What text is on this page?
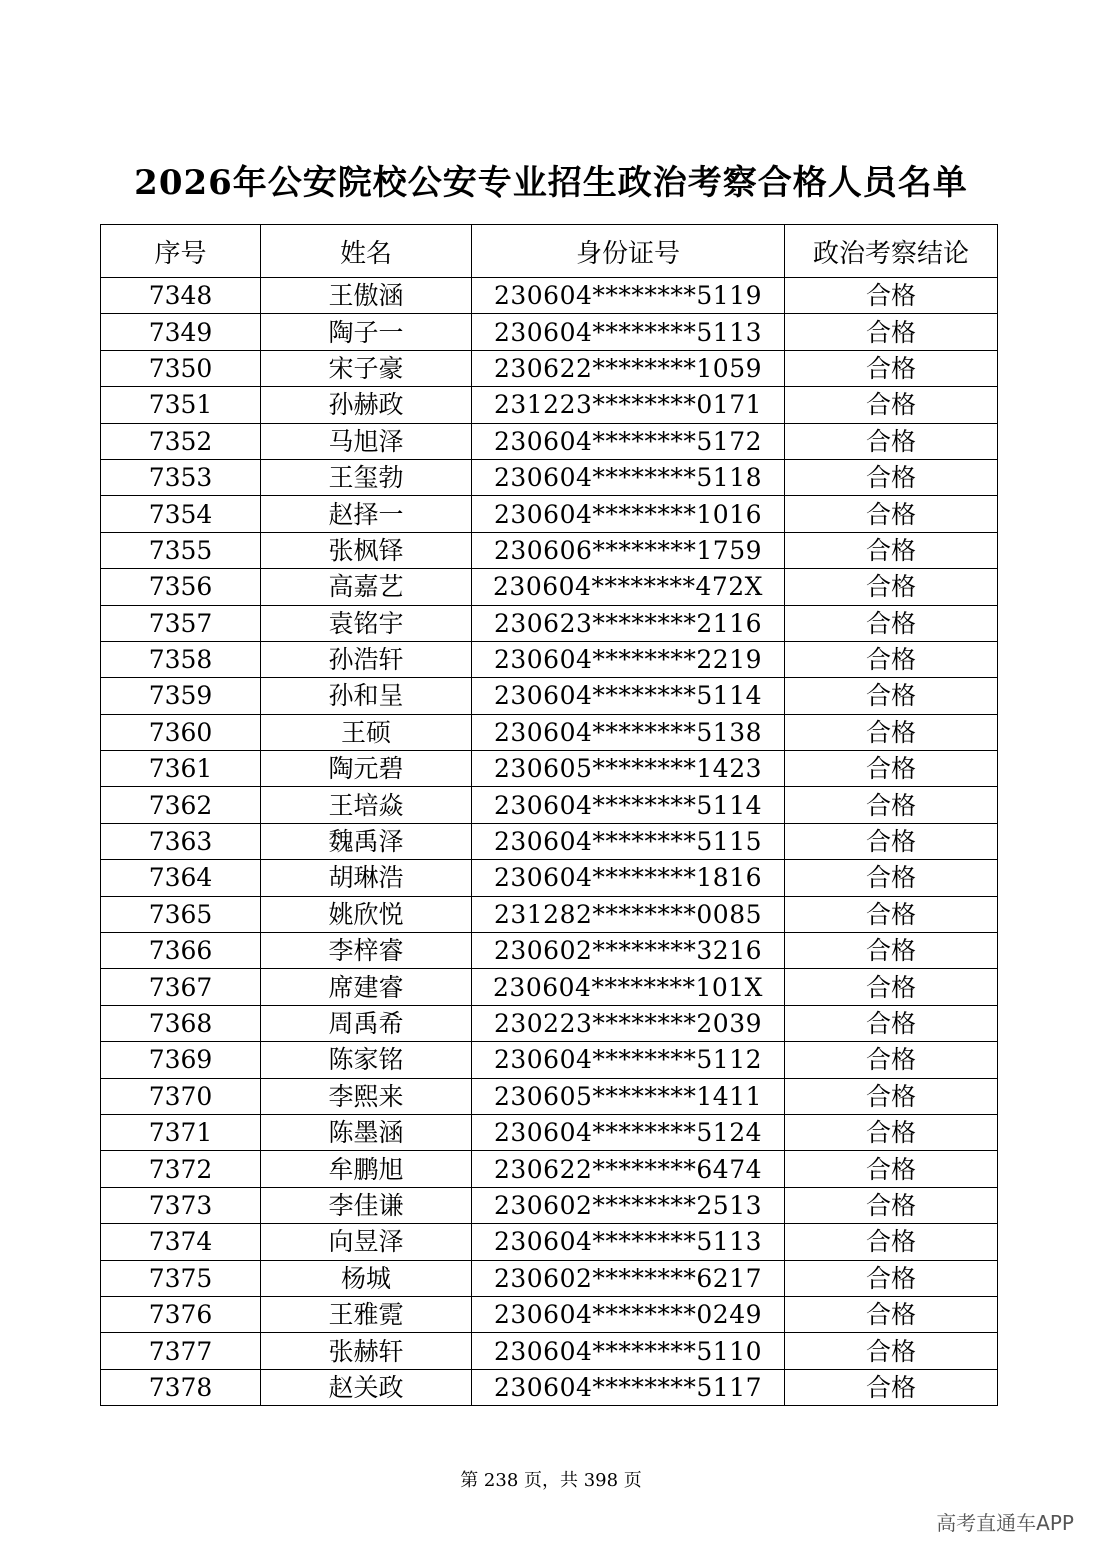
2026年公安院校公安专业招生政治考察合格人员名单
序号	姓名	身份证号	政治考察结论
7348	王傲涵	230604********5119	合格
7349	陶子一	230604********5113	合格
7350	宋子豪	230622********1059	合格
7351	孙赫政	231223********0171	合格
7352	马旭泽	230604********5172	合格
7353	王玺勃	230604********5118	合格
7354	赵择一	230604********1016	合格
7355	张枫铎	230606********1759	合格
7356	高嘉艺	230604********472X	合格
7357	袁铭宇	230623********2116	合格
7358	孙浩轩	230604********2219	合格
7359	孙和呈	230604********5114	合格
7360	王硕	230604********5138	合格
7361	陶元碧	230605********1423	合格
7362	王培焱	230604********5114	合格
7363	魏禹泽	230604********5115	合格
7364	胡琳浩	230604********1816	合格
7365	姚欣悦	231282********0085	合格
7366	李梓睿	230602********3216	合格
7367	席建睿	230604********101X	合格
7368	周禹希	230223********2039	合格
7369	陈家铭	230604********5112	合格
7370	李熙来	230605********1411	合格
7371	陈墨涵	230604********5124	合格
7372	牟鹏旭	230622********6474	合格
7373	李佳谦	230602********2513	合格
7374	向昱泽	230604********5113	合格
7375	杨城	230602********6217	合格
7376	王雅霓	230604********0249	合格
7377	张赫轩	230604********5110	合格
7378	赵关政	230604********5117	合格
第 238 页，共 398 页
高考直通车APP
